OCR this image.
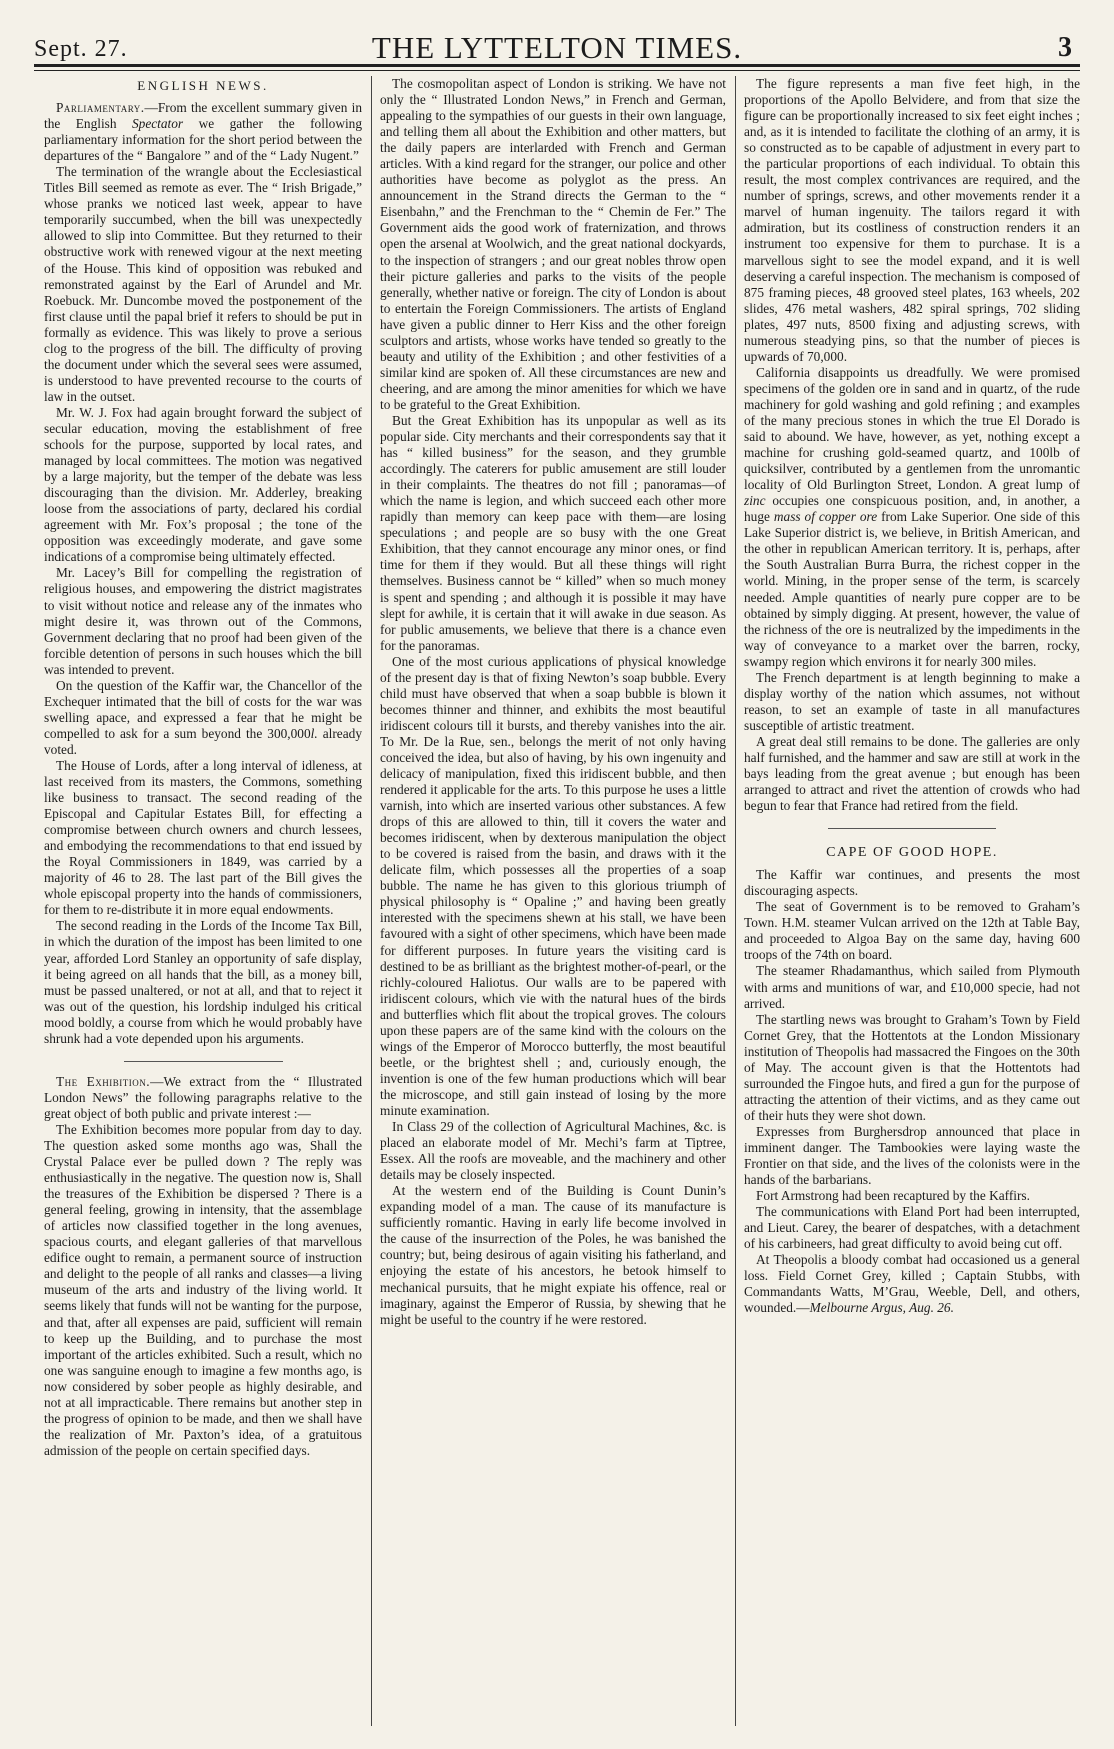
Sept. 27.	THE LYTTELTON TIMES.	3
ENGLISH NEWS.

Parliamentary.—From the excellent summary given in the English Spectator we gather the following parliamentary information for the short period between the departures of the “ Bangalore ” and of the “ Lady Nugent.”

The termination of the wrangle about the Ecclesiastical Titles Bill seemed as remote as ever. The “ Irish Brigade,” whose pranks we noticed last week, appear to have temporarily succumbed, when the bill was unexpectedly allowed to slip into Committee. But they returned to their obstructive work with renewed vigour at the next meeting of the House. This kind of opposition was rebuked and remonstrated against by the Earl of Arundel and Mr. Roebuck. Mr. Duncombe moved the postponement of the first clause until the papal brief it refers to should be put in formally as evidence. This was likely to prove a serious clog to the progress of the bill. The difficulty of proving the document under which the several sees were assumed, is understood to have prevented recourse to the courts of law in the outset.

Mr. W. J. Fox had again brought forward the subject of secular education, moving the establishment of free schools for the purpose, supported by local rates, and managed by local committees. The motion was negatived by a large majority, but the temper of the debate was less discouraging than the division. Mr. Adderley, breaking loose from the associations of party, declared his cordial agreement with Mr. Fox’s proposal ; the tone of the opposition was exceedingly moderate, and gave some indications of a compromise being ultimately effected.

Mr. Lacey’s Bill for compelling the registration of religious houses, and empowering the district magistrates to visit without notice and release any of the inmates who might desire it, was thrown out of the Commons, Government declaring that no proof had been given of the forcible detention of persons in such houses which the bill was intended to prevent.

On the question of the Kaffir war, the Chancellor of the Exchequer intimated that the bill of costs for the war was swelling apace, and expressed a fear that he might be compelled to ask for a sum beyond the 300,000l. already voted.

The House of Lords, after a long interval of idleness, at last received from its masters, the Commons, something like business to transact. The second reading of the Episcopal and Capitular Estates Bill, for effecting a compromise between church owners and church lessees, and embodying the recommendations to that end issued by the Royal Commissioners in 1849, was carried by a majority of 46 to 28. The last part of the Bill gives the whole episcopal property into the hands of commissioners, for them to re-distribute it in more equal endowments.

The second reading in the Lords of the Income Tax Bill, in which the duration of the impost has been limited to one year, afforded Lord Stanley an opportunity of safe display, it being agreed on all hands that the bill, as a money bill, must be passed unaltered, or not at all, and that to reject it was out of the question, his lordship indulged his critical mood boldly, a course from which he would probably have shrunk had a vote depended upon his arguments.

The Exhibition.—We extract from the “ Illustrated London News” the following paragraphs relative to the great object of both public and private interest :—

The Exhibition becomes more popular from day to day. The question asked some months ago was, Shall the Crystal Palace ever be pulled down ? The reply was enthusiastically in the negative. The question now is, Shall the treasures of the Exhibition be dispersed ? There is a general feeling, growing in intensity, that the assemblage of articles now classified together in the long avenues, spacious courts, and elegant galleries of that marvellous edifice ought to remain, a permanent source of instruction and delight to the people of all ranks and classes—a living museum of the arts and industry of the living world. It seems likely that funds will not be wanting for the purpose, and that, after all expenses are paid, sufficient will remain to keep up the Building, and to purchase the most important of the articles exhibited. Such a result, which no one was sanguine enough to imagine a few months ago, is now considered by sober people as highly desirable, and not at all impracticable. There remains but another step in the progress of opinion to be made, and then we shall have the realization of Mr. Paxton’s idea, of a gratuitous admission of the people on certain specified days.

The cosmopolitan aspect of London is striking. We have not only the “ Illustrated London News,” in French and German, appealing to the sympathies of our guests in their own language, and telling them all about the Exhibition and other matters, but the daily papers are interlarded with French and German articles. With a kind regard for the stranger, our police and other authorities have become as polyglot as the press. An announcement in the Strand directs the German to the “ Eisenbahn,” and the Frenchman to the “ Chemin de Fer.” The Government aids the good work of fraternization, and throws open the arsenal at Woolwich, and the great national dockyards, to the inspection of strangers ; and our great nobles throw open their picture galleries and parks to the visits of the people generally, whether native or foreign. The city of London is about to entertain the Foreign Commissioners. The artists of England have given a public dinner to Herr Kiss and the other foreign sculptors and artists, whose works have tended so greatly to the beauty and utility of the Exhibition ; and other festivities of a similar kind are spoken of. All these circumstances are new and cheering, and are among the minor amenities for which we have to be grateful to the Great Exhibition.

But the Great Exhibition has its unpopular as well as its popular side. City merchants and their correspondents say that it has “ killed business” for the season, and they grumble accordingly. The caterers for public amusement are still louder in their complaints. The theatres do not fill ; panoramas—of which the name is legion, and which succeed each other more rapidly than memory can keep pace with them—are losing speculations ; and people are so busy with the one Great Exhibition, that they cannot encourage any minor ones, or find time for them if they would. But all these things will right themselves. Business cannot be “ killed” when so much money is spent and spending ; and although it is possible it may have slept for awhile, it is certain that it will awake in due season. As for public amusements, we believe that there is a chance even for the panoramas.

One of the most curious applications of physical knowledge of the present day is that of fixing Newton’s soap bubble. Every child must have observed that when a soap bubble is blown it becomes thinner and thinner, and exhibits the most beautiful iridiscent colours till it bursts, and thereby vanishes into the air. To Mr. De la Rue, sen., belongs the merit of not only having conceived the idea, but also of having, by his own ingenuity and delicacy of manipulation, fixed this iridiscent bubble, and then rendered it applicable for the arts. To this purpose he uses a little varnish, into which are inserted various other substances. A few drops of this are allowed to thin, till it covers the water and becomes iridiscent, when by dexterous manipulation the object to be covered is raised from the basin, and draws with it the delicate film, which possesses all the properties of a soap bubble. The name he has given to this glorious triumph of physical philosophy is “ Opaline ;” and having been greatly interested with the specimens shewn at his stall, we have been favoured with a sight of other specimens, which have been made for different purposes. In future years the visiting card is destined to be as brilliant as the brightest mother-of-pearl, or the richly-coloured Haliotus. Our walls are to be papered with iridiscent colours, which vie with the natural hues of the birds and butterflies which flit about the tropical groves. The colours upon these papers are of the same kind with the colours on the wings of the Emperor of Morocco butterfly, the most beautiful beetle, or the brightest shell ; and, curiously enough, the invention is one of the few human productions which will bear the microscope, and still gain instead of losing by the more minute examination.

In Class 29 of the collection of Agricultural Machines, &c. is placed an elaborate model of Mr. Mechi’s farm at Tiptree, Essex. All the roofs are moveable, and the machinery and other details may be closely inspected.

At the western end of the Building is Count Dunin’s expanding model of a man. The cause of its manufacture is sufficiently romantic. Having in early life become involved in the cause of the insurrection of the Poles, he was banished the country; but, being desirous of again visiting his fatherland, and enjoying the estate of his ancestors, he betook himself to mechanical pursuits, that he might expiate his offence, real or imaginary, against the Emperor of Russia, by shewing that he might be useful to the country if he were restored.

The figure represents a man five feet high, in the proportions of the Apollo Belvidere, and from that size the figure can be proportionally increased to six feet eight inches ; and, as it is intended to facilitate the clothing of an army, it is so constructed as to be capable of adjustment in every part to the particular proportions of each individual. To obtain this result, the most complex contrivances are required, and the number of springs, screws, and other movements render it a marvel of human ingenuity. The tailors regard it with admiration, but its costliness of construction renders it an instrument too expensive for them to purchase. It is a marvellous sight to see the model expand, and it is well deserving a careful inspection. The mechanism is composed of 875 framing pieces, 48 grooved steel plates, 163 wheels, 202 slides, 476 metal washers, 482 spiral springs, 702 sliding plates, 497 nuts, 8500 fixing and adjusting screws, with numerous steadying pins, so that the number of pieces is upwards of 70,000.

California disappoints us dreadfully. We were promised specimens of the golden ore in sand and in quartz, of the rude machinery for gold washing and gold refining ; and examples of the many precious stones in which the true El Dorado is said to abound. We have, however, as yet, nothing except a machine for crushing gold-seamed quartz, and 100lb of quicksilver, contributed by a gentlemen from the unromantic locality of Old Burlington Street, London. A great lump of zinc occupies one conspicuous position, and, in another, a huge mass of copper ore from Lake Superior. One side of this Lake Superior district is, we believe, in British American, and the other in republican American territory. It is, perhaps, after the South Australian Burra Burra, the richest copper in the world. Mining, in the proper sense of the term, is scarcely needed. Ample quantities of nearly pure copper are to be obtained by simply digging. At present, however, the value of the richness of the ore is neutralized by the impediments in the way of conveyance to a market over the barren, rocky, swampy region which environs it for nearly 300 miles.

The French department is at length beginning to make a display worthy of the nation which assumes, not without reason, to set an example of taste in all manufactures susceptible of artistic treatment.

A great deal still remains to be done. The galleries are only half furnished, and the hammer and saw are still at work in the bays leading from the great avenue ; but enough has been arranged to attract and rivet the attention of crowds who had begun to fear that France had retired from the field.

CAPE OF GOOD HOPE.

The Kaffir war continues, and presents the most discouraging aspects.

The seat of Government is to be removed to Graham’s Town. H.M. steamer Vulcan arrived on the 12th at Table Bay, and proceeded to Algoa Bay on the same day, having 600 troops of the 74th on board.

The steamer Rhadamanthus, which sailed from Plymouth with arms and munitions of war, and £10,000 specie, had not arrived.

The startling news was brought to Graham’s Town by Field Cornet Grey, that the Hottentots at the London Missionary institution of Theopolis had massacred the Fingoes on the 30th of May. The account given is that the Hottentots had surrounded the Fingoe huts, and fired a gun for the purpose of attracting the attention of their victims, and as they came out of their huts they were shot down.

Expresses from Burghersdrop announced that place in imminent danger. The Tambookies were laying waste the Frontier on that side, and the lives of the colonists were in the hands of the barbarians.

Fort Armstrong had been recaptured by the Kaffirs.

The communications with Eland Port had been interrupted, and Lieut. Carey, the bearer of despatches, with a detachment of his carbineers, had great difficulty to avoid being cut off.

At Theopolis a bloody combat had occasioned us a general loss. Field Cornet Grey, killed ; Captain Stubbs, with Commandants Watts, M’Grau, Weeble, Dell, and others, wounded.—Melbourne Argus, Aug. 26.
